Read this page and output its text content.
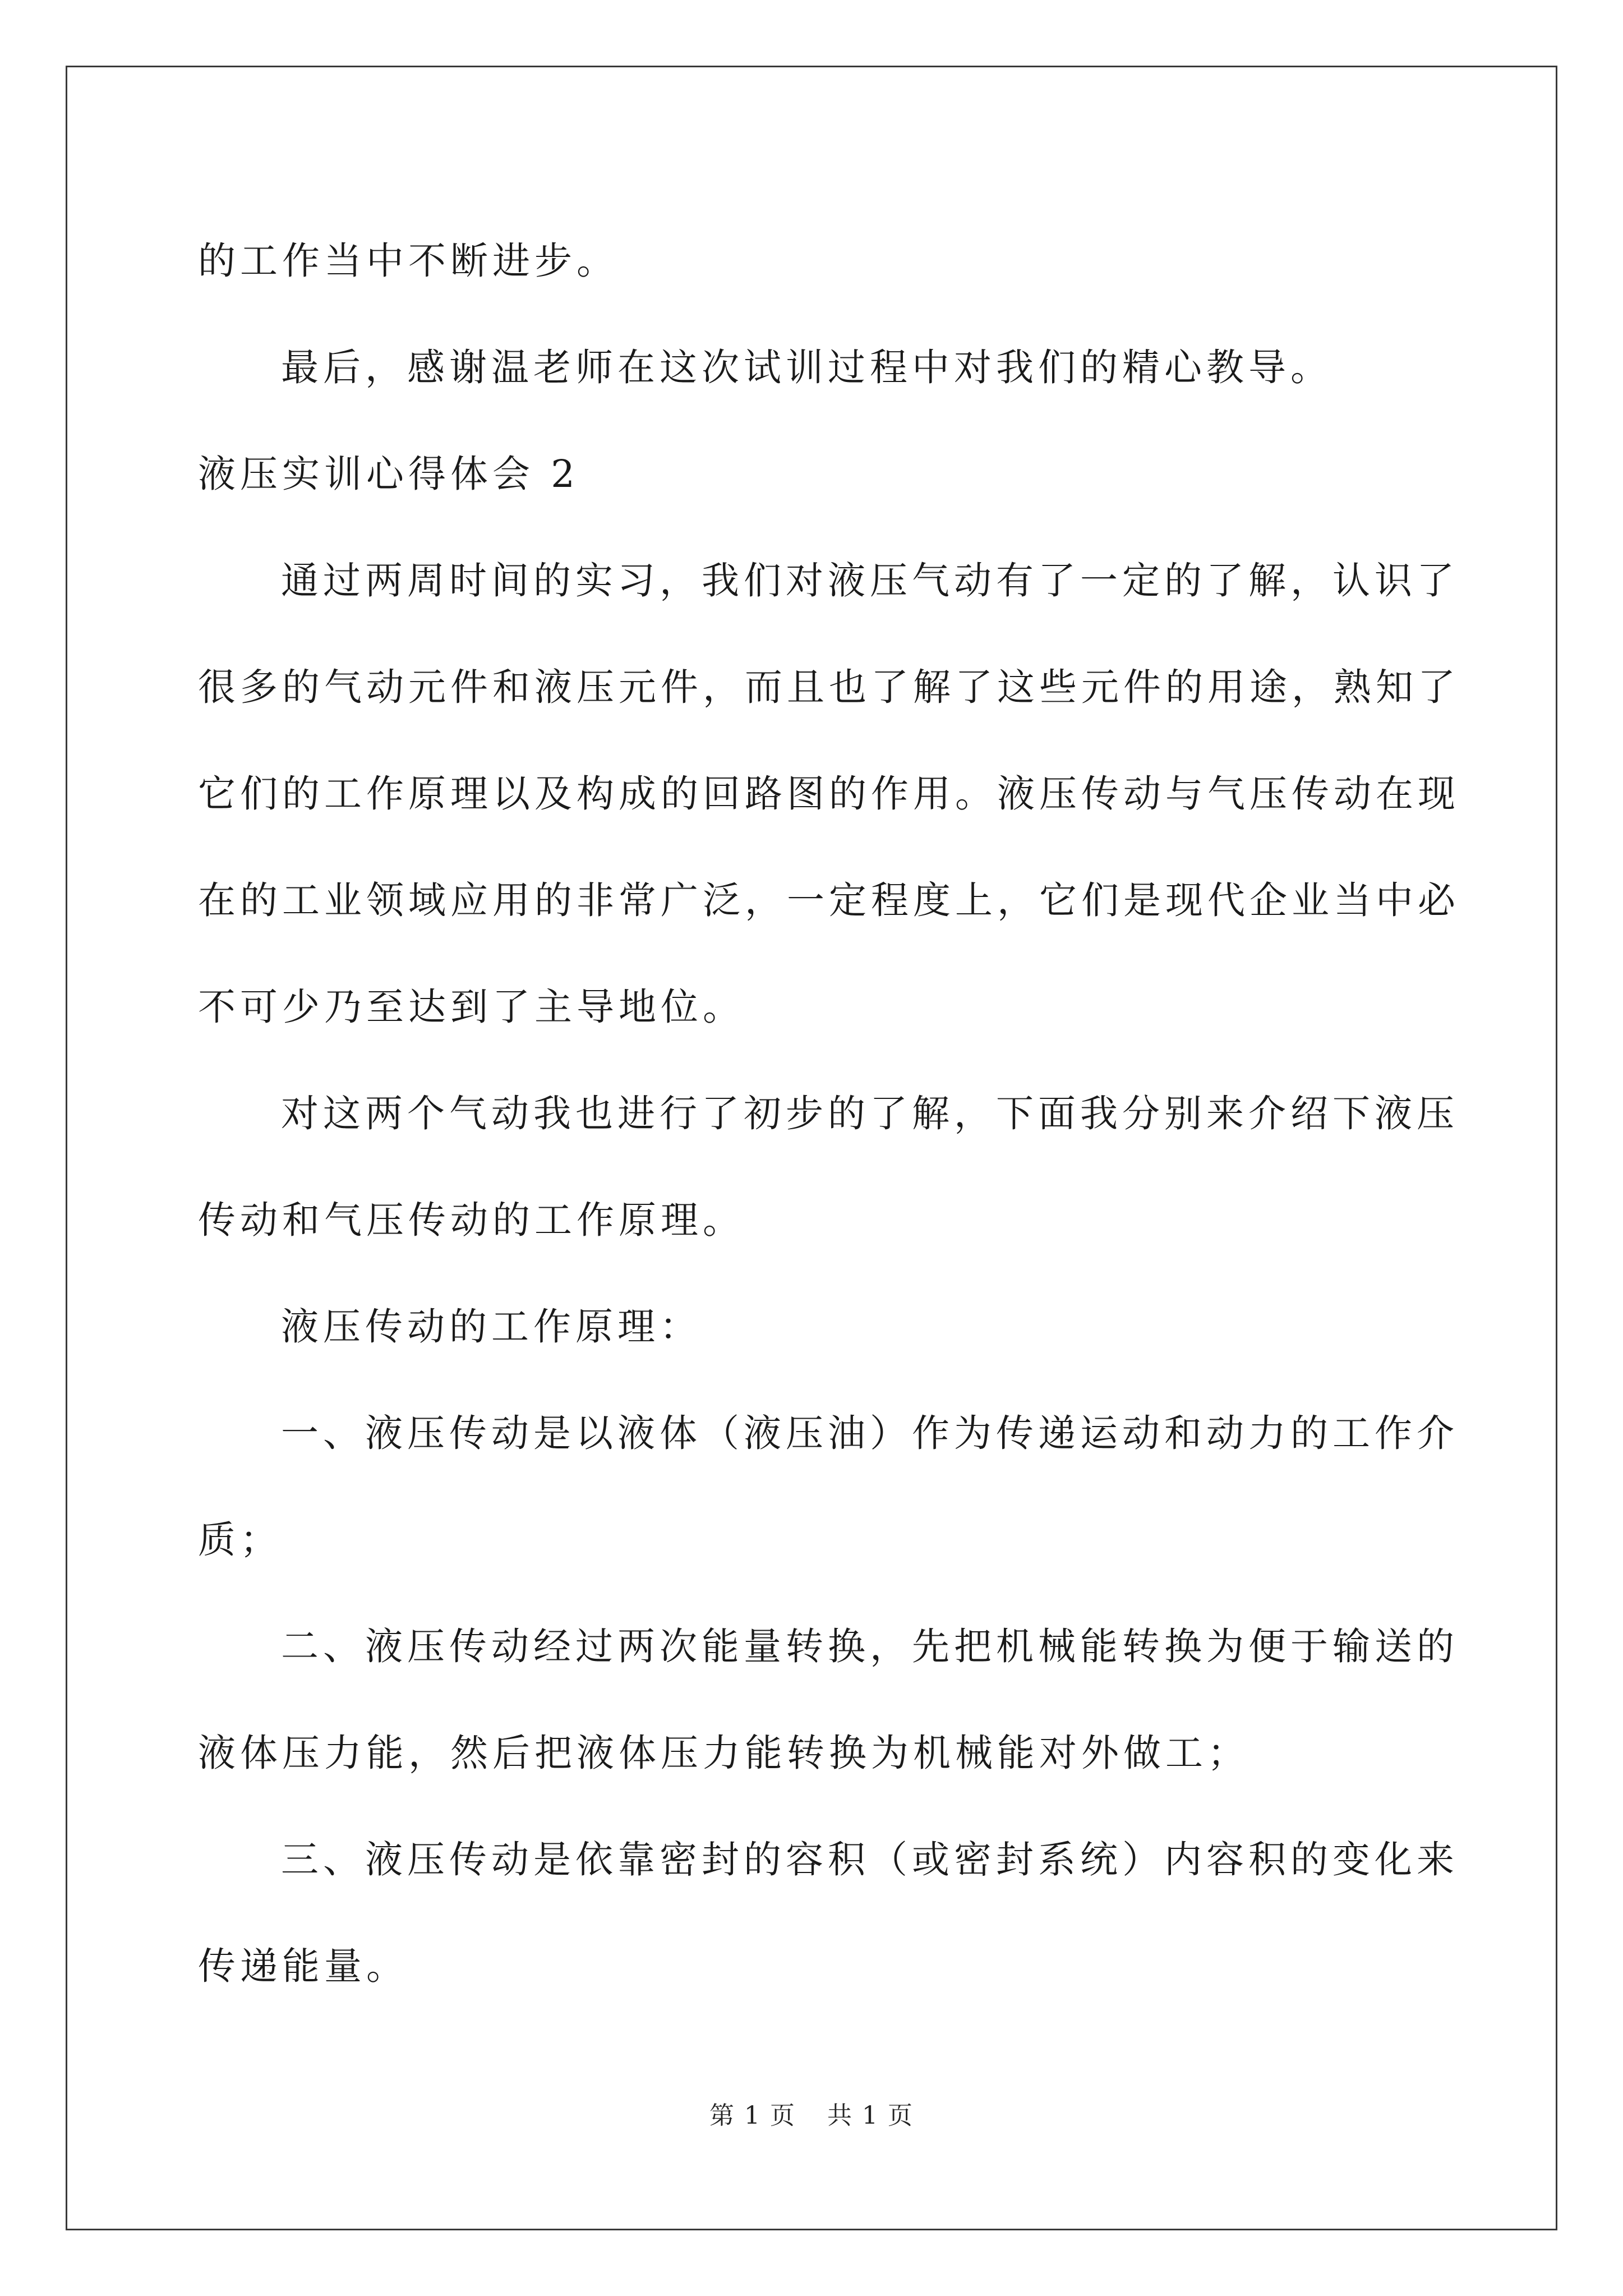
的工作当中不断进步。

最后，感谢温老师在这次试训过程中对我们的精心教导。

液压实训心得体会 2

通过两周时间的实习，我们对液压气动有了一定的了解，认识了

很多的气动元件和液压元件，而且也了解了这些元件的用途，熟知了

它们的工作原理以及构成的回路图的作用。液压传动与气压传动在现

在的工业领域应用的非常广泛，一定程度上，它们是现代企业当中必

不可少乃至达到了主导地位。

对这两个气动我也进行了初步的了解，下面我分别来介绍下液压

传动和气压传动的工作原理。

液压传动的工作原理：

一、液压传动是以液体（液压油）作为传递运动和动力的工作介

质；

二、液压传动经过两次能量转换，先把机械能转换为便于输送的

液体压力能，然后把液体压力能转换为机械能对外做工；

三、液压传动是依靠密封的容积（或密封系统）内容积的变化来

传递能量。

第 1 页 共 1 页
